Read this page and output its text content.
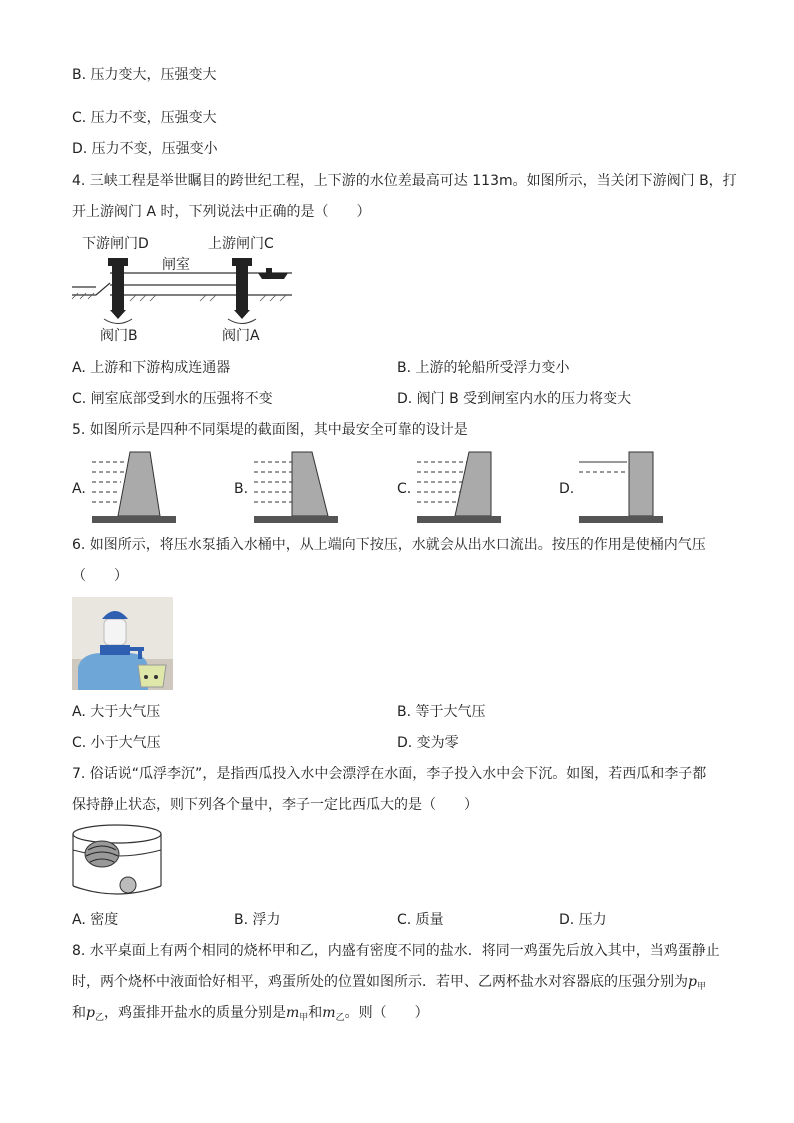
B. 压力变大，压强变大
C. 压力不变，压强变大
D. 压力不变，压强变小
4. 三峡工程是举世瞩目的跨世纪工程，上下游的水位差最高可达 113m。如图所示，当关闭下游阀门 B，打
开上游阀门 A 时，下列说法中正确的是（　　）
下游闸门D	上游闸门C
闸室
阀门B	阀门A
A. 上游和下游构成连通器	B. 上游的轮船所受浮力变小
C. 闸室底部受到水的压强将不变	D. 阀门 B 受到闸室内水的压力将变大
5. 如图所示是四种不同渠堤的截面图，其中最安全可靠的设计是
A.	B.	C.	D.
6. 如图所示，将压水泵插入水桶中，从上端向下按压，水就会从出水口流出。按压的作用是使桶内气压
（　　）
A. 大于大气压	B. 等于大气压
C. 小于大气压	D. 变为零
7. 俗话说“瓜浮李沉”，是指西瓜投入水中会漂浮在水面，李子投入水中会下沉。如图，若西瓜和李子都
保持静止状态，则下列各个量中，李子一定比西瓜大的是（　　）
A. 密度	B. 浮力	C. 质量	D. 压力
8. 水平桌面上有两个相同的烧杯甲和乙，内盛有密度不同的盐水．将同一鸡蛋先后放入其中，当鸡蛋静止
时，两个烧杯中液面恰好相平，鸡蛋所处的位置如图所示．若甲、乙两杯盐水对容器底的压强分别为$p_甲$
和$p_乙$，鸡蛋排开盐水的质量分别是$m_甲$和$m_乙$。则（　　）
